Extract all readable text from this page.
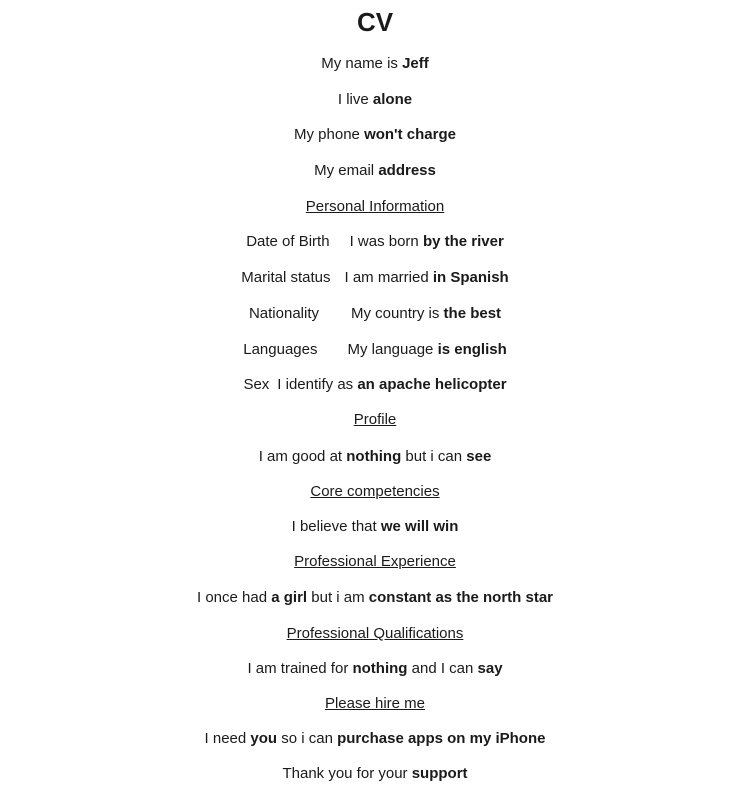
CV
My name is Jeff
I live alone
My phone won't charge
My email address
Personal Information
Date of Birth I was born by the river
Marital status I am married in Spanish
Nationality My country is the best
Languages My language is english
Sex I identify as an apache helicopter
Profile
I am good at nothing but i can see
Core competencies
I believe that we will win
Professional Experience
I once had a girl but i am constant as the north star
Professional Qualifications
I am trained for nothing and I can say
Please hire me
I need you so i can purchase apps on my iPhone
Thank you for your support
